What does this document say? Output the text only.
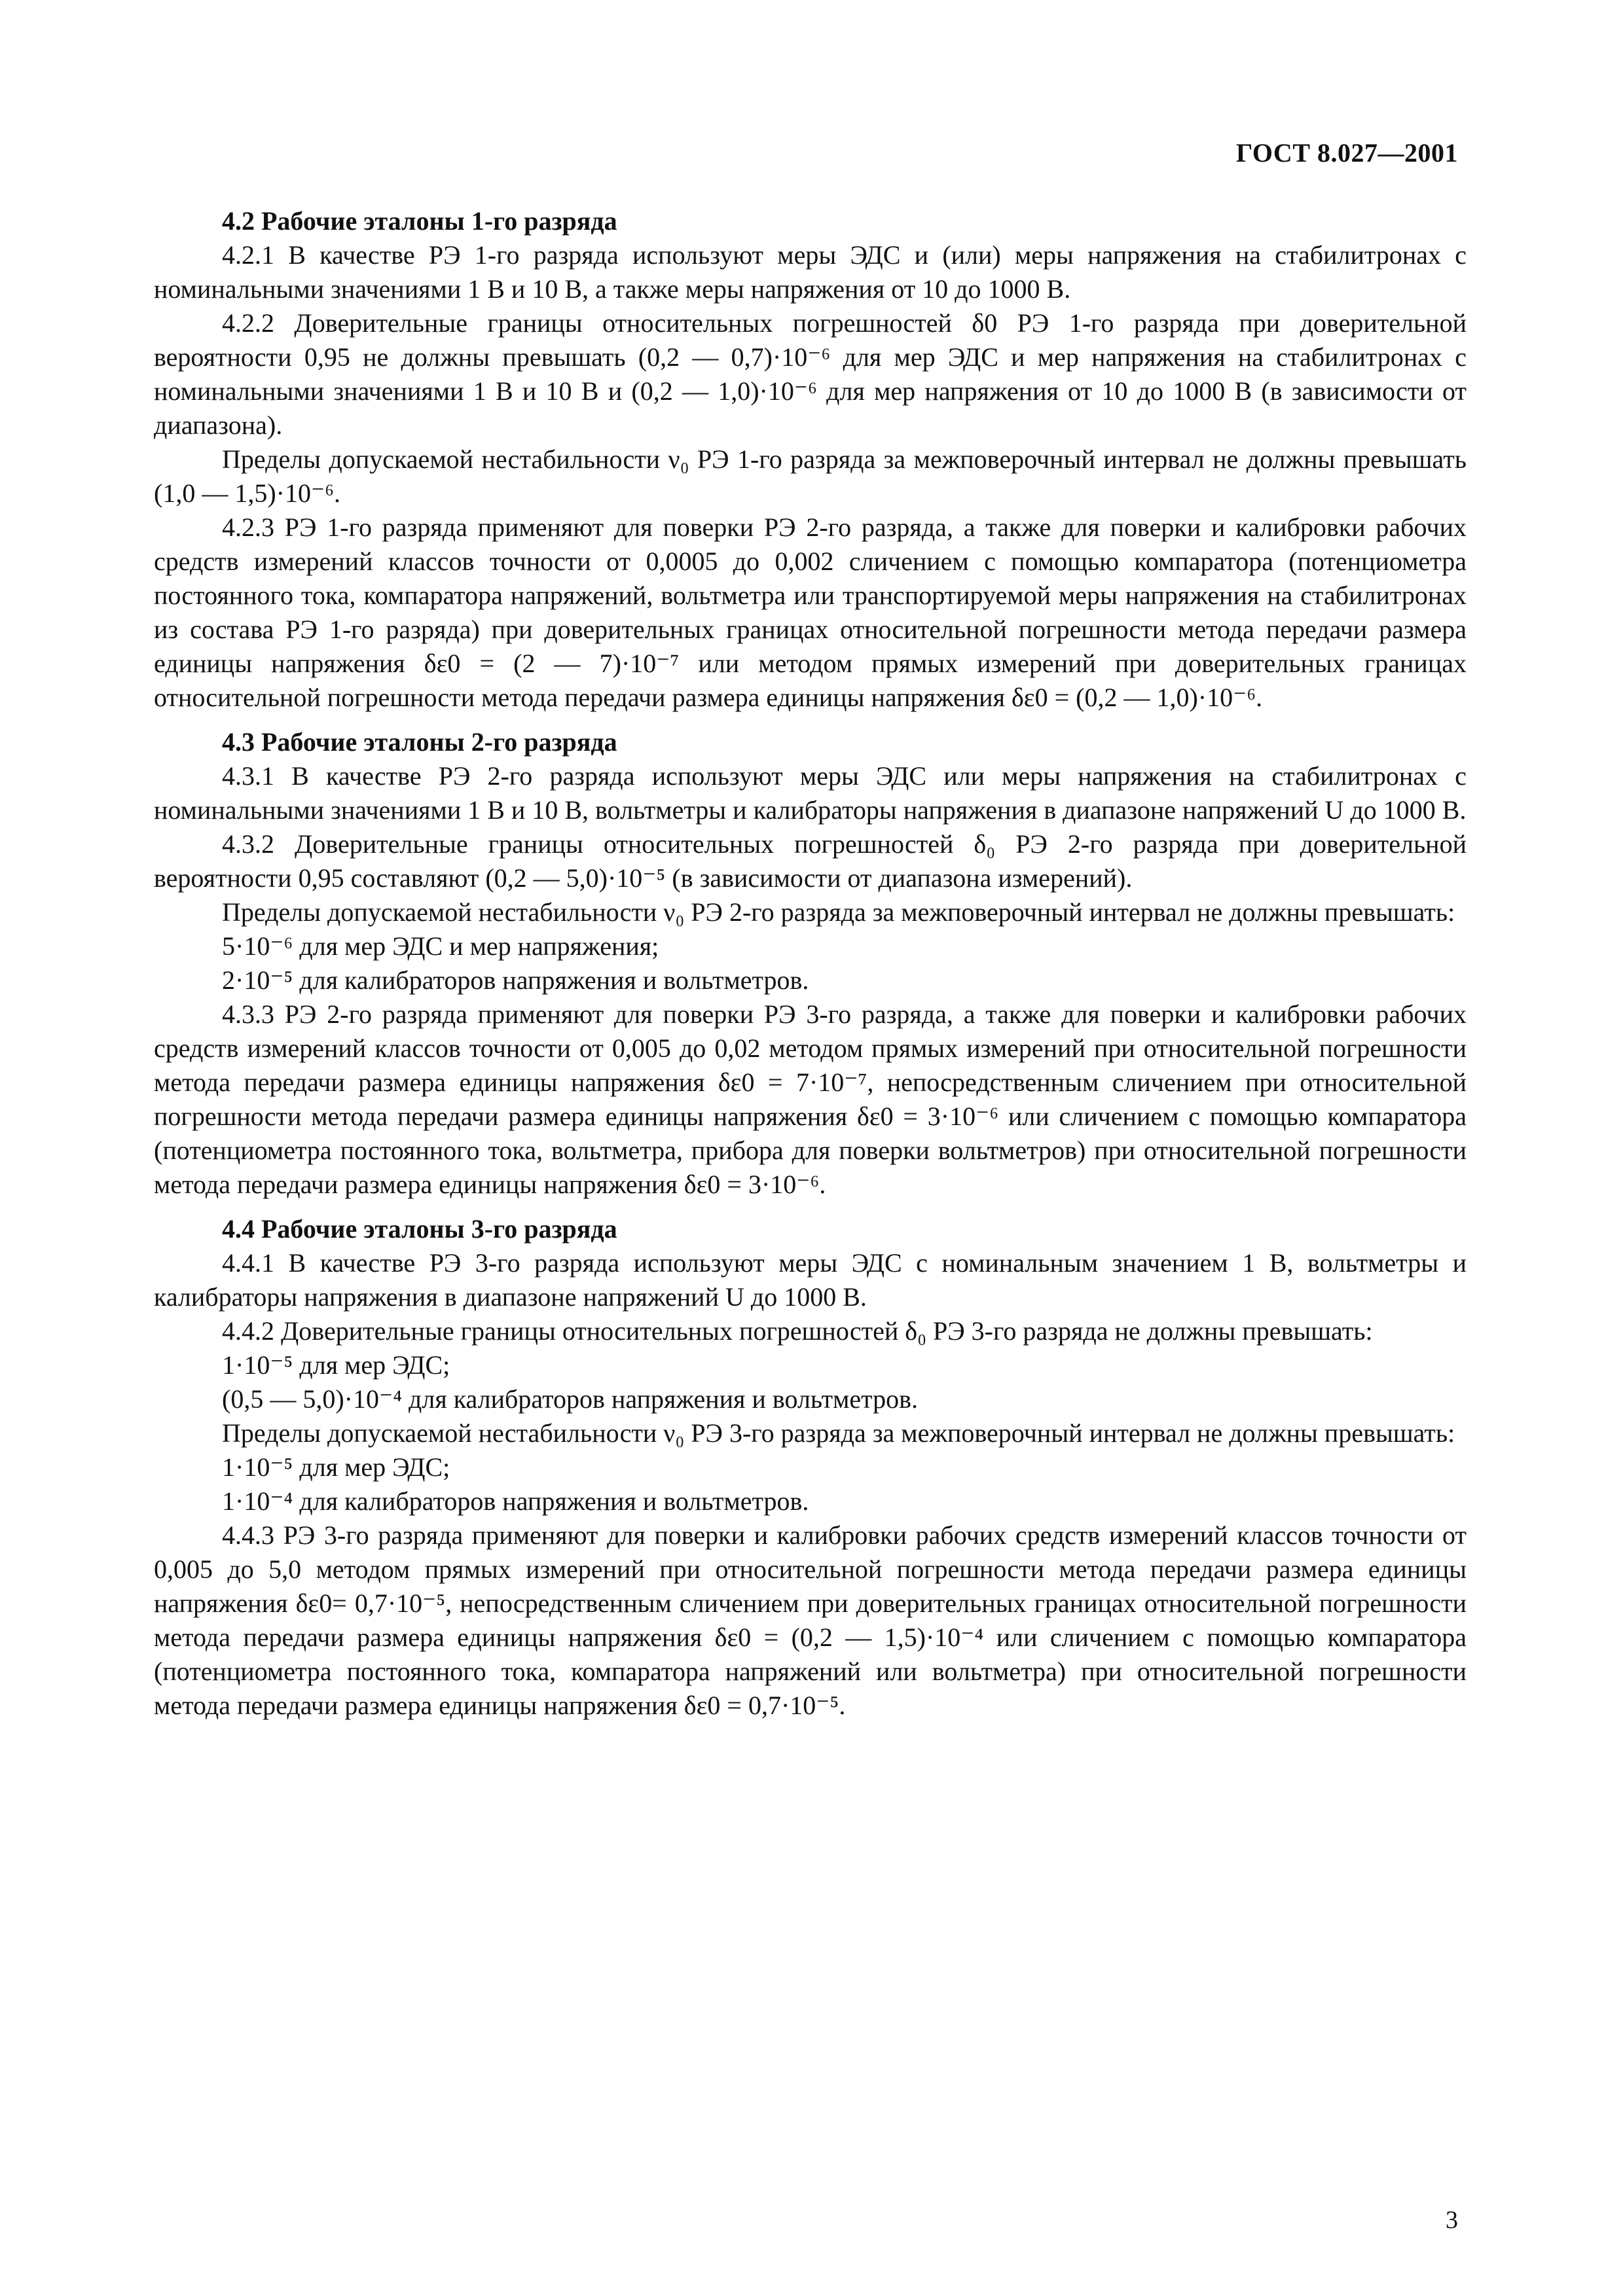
ГОСТ 8.027—2001

4.2 Рабочие эталоны 1-го разряда

4.2.1 В качестве РЭ 1-го разряда используют меры ЭДС и (или) меры напряжения на стабилитронах с номинальными значениями 1 В и 10 В, а также меры напряжения от 10 до 1000 В.

4.2.2 Доверительные границы относительных погрешностей δ0 РЭ 1-го разряда при доверительной вероятности 0,95 не должны превышать (0,2 — 0,7)·10⁻⁶ для мер ЭДС и мер напряжения на стабилитронах с номинальными значениями 1 В и 10 В и (0,2 — 1,0)·10⁻⁶ для мер напряжения от 10 до 1000 В (в зависимости от диапазона).

Пределы допускаемой нестабильности ν₀ РЭ 1-го разряда за межповерочный интервал не должны превышать (1,0 — 1,5)·10⁻⁶.

4.2.3 РЭ 1-го разряда применяют для поверки РЭ 2-го разряда, а также для поверки и калибровки рабочих средств измерений классов точности от 0,0005 до 0,002 сличением с помощью компаратора (потенциометра постоянного тока, компаратора напряжений, вольтметра или транспортируемой меры напряжения на стабилитронах из состава РЭ 1-го разряда) при доверительных границах относительной погрешности метода передачи размера единицы напряжения δε0 = (2 — 7)·10⁻⁷ или методом прямых измерений при доверительных границах относительной погрешности метода передачи размера единицы напряжения δε0 = (0,2 — 1,0)·10⁻⁶.

4.3 Рабочие эталоны 2-го разряда

4.3.1 В качестве РЭ 2-го разряда используют меры ЭДС или меры напряжения на стабилитронах с номинальными значениями 1 В и 10 В, вольтметры и калибраторы напряжения в диапазоне напряжений U до 1000 В.

4.3.2 Доверительные границы относительных погрешностей δ₀ РЭ 2-го разряда при доверительной вероятности 0,95 составляют (0,2 — 5,0)·10⁻⁵ (в зависимости от диапазона измерений).

Пределы допускаемой нестабильности ν₀ РЭ 2-го разряда за межповерочный интервал не должны превышать:

5·10⁻⁶ для мер ЭДС и мер напряжения;

2·10⁻⁵ для калибраторов напряжения и вольтметров.

4.3.3 РЭ 2-го разряда применяют для поверки РЭ 3-го разряда, а также для поверки и калибровки рабочих средств измерений классов точности от 0,005 до 0,02 методом прямых измерений при относительной погрешности метода передачи размера единицы напряжения δε0 = 7·10⁻⁷, непосредственным сличением при относительной погрешности метода передачи размера единицы напряжения δε0 = 3·10⁻⁶ или сличением с помощью компаратора (потенциометра постоянного тока, вольтметра, прибора для поверки вольтметров) при относительной погрешности метода передачи размера единицы напряжения δε0 = 3·10⁻⁶.

4.4 Рабочие эталоны 3-го разряда

4.4.1 В качестве РЭ 3-го разряда используют меры ЭДС с номинальным значением 1 В, вольтметры и калибраторы напряжения в диапазоне напряжений U до 1000 В.

4.4.2 Доверительные границы относительных погрешностей δ₀ РЭ 3-го разряда не должны превышать:

1·10⁻⁵ для мер ЭДС;

(0,5 — 5,0)·10⁻⁴ для калибраторов напряжения и вольтметров.

Пределы допускаемой нестабильности ν₀ РЭ 3-го разряда за межповерочный интервал не должны превышать:

1·10⁻⁵ для мер ЭДС;

1·10⁻⁴ для калибраторов напряжения и вольтметров.

4.4.3 РЭ 3-го разряда применяют для поверки и калибровки рабочих средств измерений классов точности от 0,005 до 5,0 методом прямых измерений при относительной погрешности метода передачи размера единицы напряжения δε0= 0,7·10⁻⁵, непосредственным сличением при доверительных границах относительной погрешности метода передачи размера единицы напряжения δε0 = (0,2 — 1,5)·10⁻⁴ или сличением с помощью компаратора (потенциометра постоянного тока, компаратора напряжений или вольтметра) при относительной погрешности метода передачи размера единицы напряжения δε0 = 0,7·10⁻⁵.

3
